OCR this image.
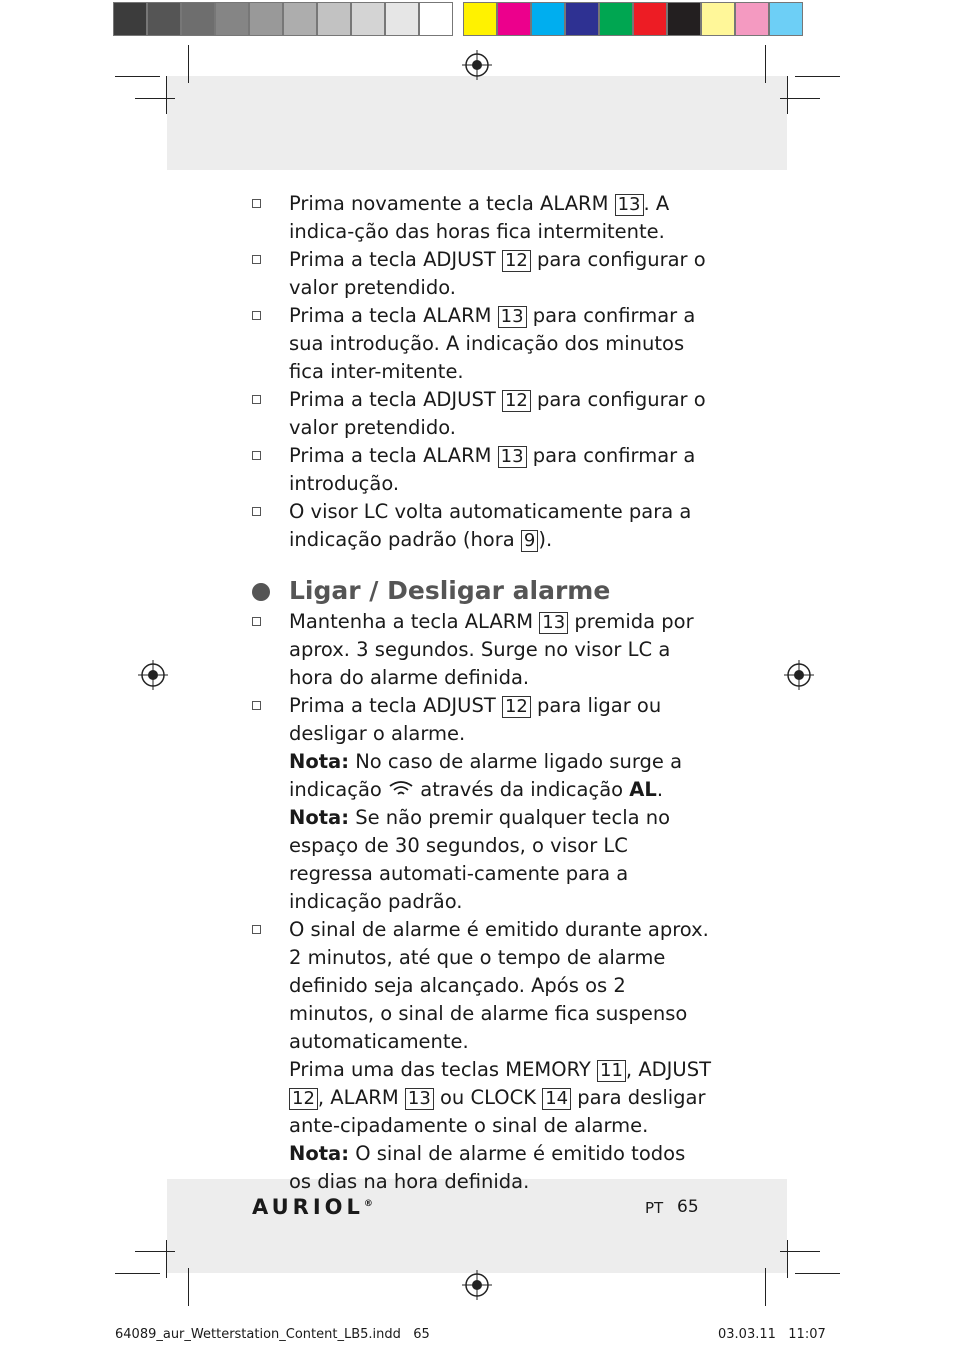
Prima novamente a tecla ALARM 13 . A indica-ção das horas fica intermitente.
Prima a tecla ADJUST 12 para configurar o valor pretendido.
Prima a tecla ALARM 13 para confirmar a sua introdução. A indicação dos minutos fica inter-mitente.
Prima a tecla ADJUST 12 para configurar o valor pretendido.
Prima a tecla ALARM 13 para confirmar a introdução.
O visor LC volta automaticamente para a indicação padrão (hora 9 ).
Ligar / Desligar alarme
Mantenha a tecla ALARM 13 premida por aprox. 3 segundos. Surge no visor LC a hora do alarme definida.
Prima a tecla ADJUST 12 para ligar ou desligar o alarme.
Nota: No caso de alarme ligado surge a indicação  através da indicação AL.
Nota: Se não premir qualquer tecla no espaço de 30 segundos, o visor LC regressa automati-camente para a indicação padrão.
O sinal de alarme é emitido durante aprox. 2 minutos, até que o tempo de alarme definido seja alcançado. Após os 2 minutos, o sinal de alarme fica suspenso automaticamente.
Prima uma das teclas MEMORY 11 , ADJUST 12 , ALARM 13 ou CLOCK 14 para desligar ante-cipadamente o sinal de alarme.
Nota: O sinal de alarme é emitido todos os dias na hora definida.
AURIOL®	PT 65
64089_aur_Wetterstation_Content_LB5.indd   65	03.03.11   11:07
